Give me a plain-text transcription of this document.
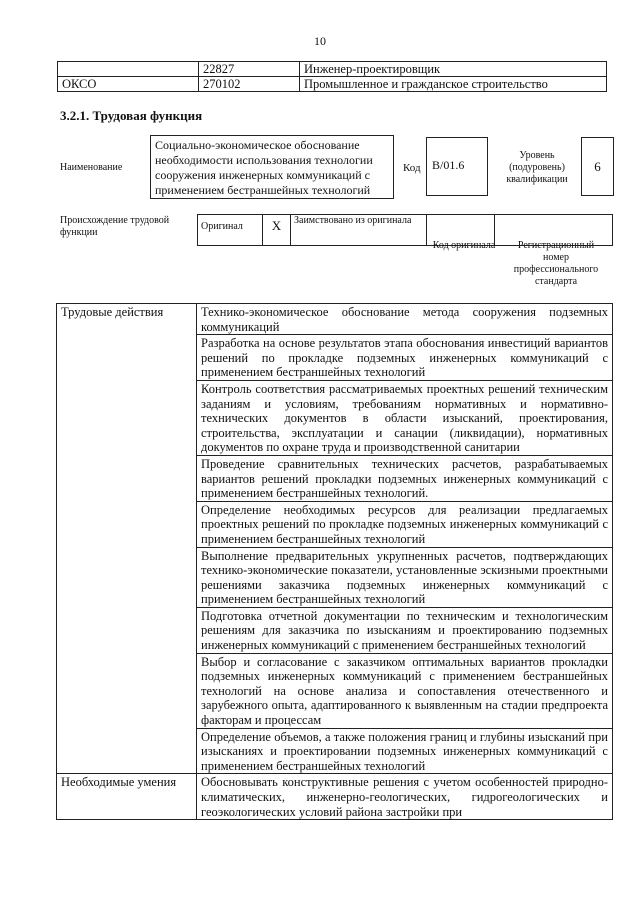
10
	22827	Инженер-проектировщик
ОКСО	270102	Промышленное и гражданское строительство
3.2.1. Трудовая функция
Наименование
Социально-экономическое обоснование необходимости использования технологии сооружения инженерных коммуникаций с применением бестраншейных технологий
Код В/01.6
Уровень (подуровень) квалификации
6
Происхождение трудовой функции
Оригинал	X	Заимствовано из оригинала		
Код оригинала	Регистрационный номер профессионального стандарта
Трудовые действия	Технико-экономическое обоснование метода сооружения подземных коммуникаций
	Разработка на основе результатов этапа обоснования инвестиций вариантов решений по прокладке подземных инженерных коммуникаций с применением бестраншейных технологий
	Контроль соответствия рассматриваемых проектных решений техническим заданиям и условиям, требованиям нормативных и нормативно-технических документов в области изысканий, проектирования, строительства, эксплуатации и санации (ликвидации), нормативных документов по охране труда и производственной санитарии
	Проведение сравнительных технических расчетов, разрабатываемых вариантов решений прокладки подземных инженерных коммуникаций с применением бестраншейных технологий.
	Определение необходимых ресурсов для реализации предлагаемых проектных решений по прокладке подземных инженерных коммуникаций с применением бестраншейных технологий
	Выполнение предварительных укрупненных расчетов, подтверждающих технико-экономические показатели, установленные эскизными проектными решениями заказчика подземных инженерных коммуникаций с применением бестраншейных технологий
	Подготовка отчетной документации по техническим и технологическим решениям для заказчика по изысканиям и проектированию подземных инженерных коммуникаций с применением бестраншейных технологий
	Выбор и согласование с заказчиком оптимальных вариантов прокладки подземных инженерных коммуникаций с применением бестраншейных технологий на основе анализа и сопоставления отечественного и зарубежного опыта, адаптированного к выявленным на стадии предпроекта факторам и процессам
	Определение объемов, а также положения границ и глубины изысканий при изысканиях и проектировании подземных инженерных коммуникаций с применением бестраншейных технологий
Необходимые умения	Обосновывать конструктивные решения с учетом особенностей природно-климатических, инженерно-геологических, гидрогеологических и геоэкологических условий района застройки при
